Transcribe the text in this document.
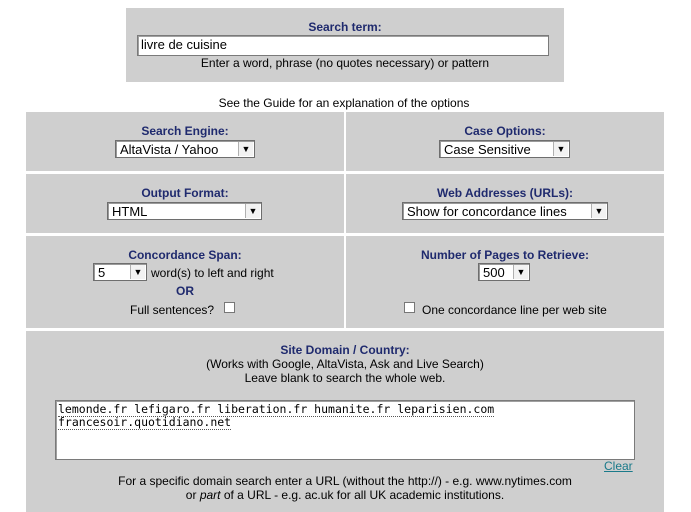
Search term:
livre de cuisine
Enter a word, phrase (no quotes necessary) or pattern
See the Guide for an explanation of the options
Search Engine:
AltaVista / Yahoo	▼
Case Options:
Case Sensitive	▼
Output Format:
HTML	▼
Web Addresses (URLs):
Show for concordance lines	▼
Concordance Span:
5	▼ word(s) to left and right
OR
Full sentences?
Number of Pages to Retrieve:
500	▼
One concordance line per web site
Site Domain / Country:
(Works with Google, AltaVista, Ask and Live Search)
Leave blank to search the whole web.
lemonde.fr lefigaro.fr liberation.fr humanite.fr leparisien.com
francesoir.quotidiano.net
Clear
For a specific domain search enter a URL (without the http://) - e.g. www.nytimes.com
or part of a URL - e.g. ac.uk for all UK academic institutions.
